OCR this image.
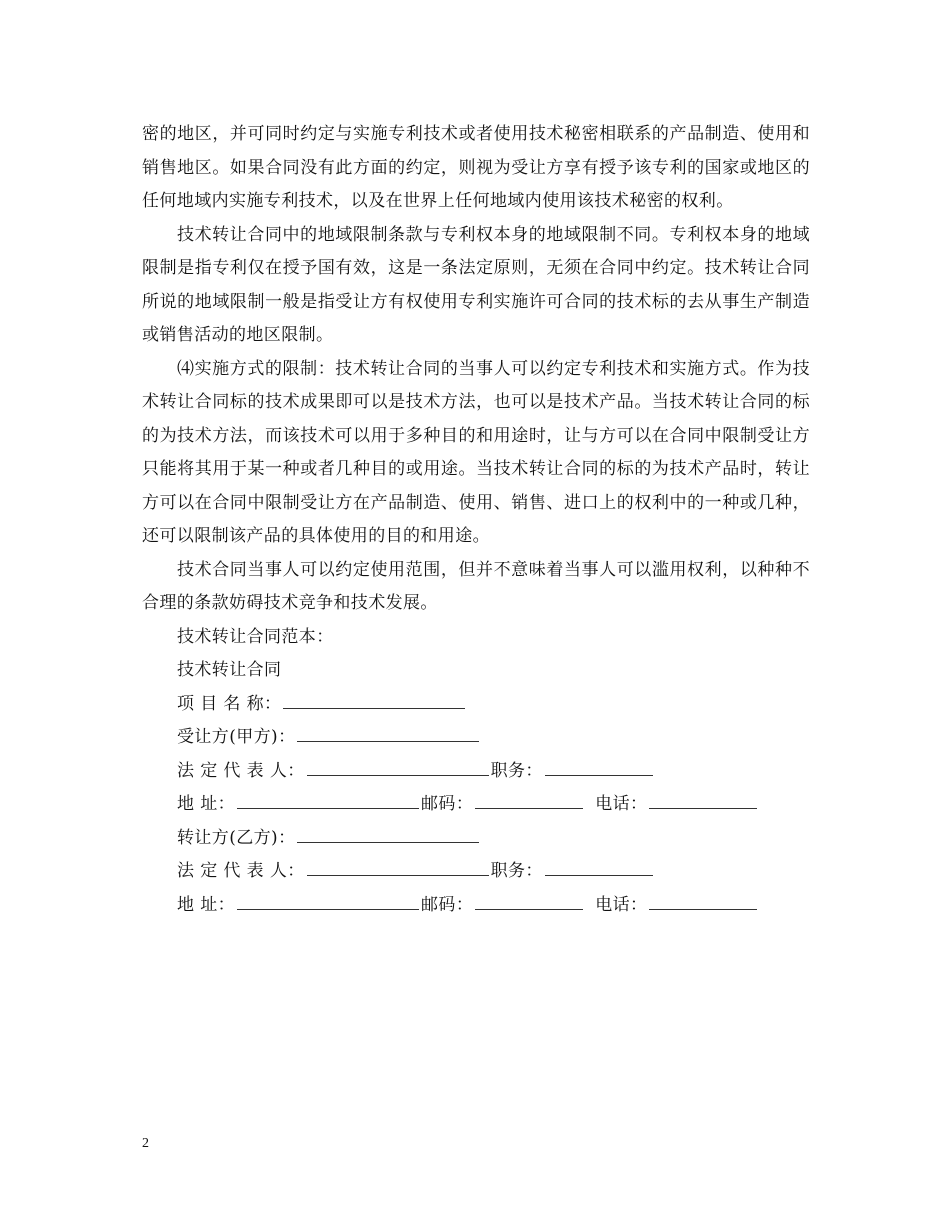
密的地区，并可同时约定与实施专利技术或者使用技术秘密相联系的产品制造、使用和销售地区。如果合同没有此方面的约定，则视为受让方享有授予该专利的国家或地区的任何地域内实施专利技术，以及在世界上任何地域内使用该技术秘密的权利。

技术转让合同中的地域限制条款与专利权本身的地域限制不同。专利权本身的地域限制是指专利仅在授予国有效，这是一条法定原则，无须在合同中约定。技术转让合同所说的地域限制一般是指受让方有权使用专利实施许可合同的技术标的去从事生产制造或销售活动的地区限制。

⑷实施方式的限制：技术转让合同的当事人可以约定专利技术和实施方式。作为技术转让合同标的技术成果即可以是技术方法，也可以是技术产品。当技术转让合同的标的为技术方法，而该技术可以用于多种目的和用途时，让与方可以在合同中限制受让方只能将其用于某一种或者几种目的或用途。当技术转让合同的标的为技术产品时，转让方可以在合同中限制受让方在产品制造、使用、销售、进口上的权利中的一种或几种，还可以限制该产品的具体使用的目的和用途。

技术合同当事人可以约定使用范围，但并不意味着当事人可以滥用权利，以种种不合理的条款妨碍技术竞争和技术发展。

技术转让合同范本：

技术转让合同

项 目 名 称：

受让方(甲方)：

法 定 代 表 人：	职务：

地 址：	邮码：	电话：

转让方(乙方)：

法 定 代 表 人：	职务：

地 址：	邮码：	电话：

2
